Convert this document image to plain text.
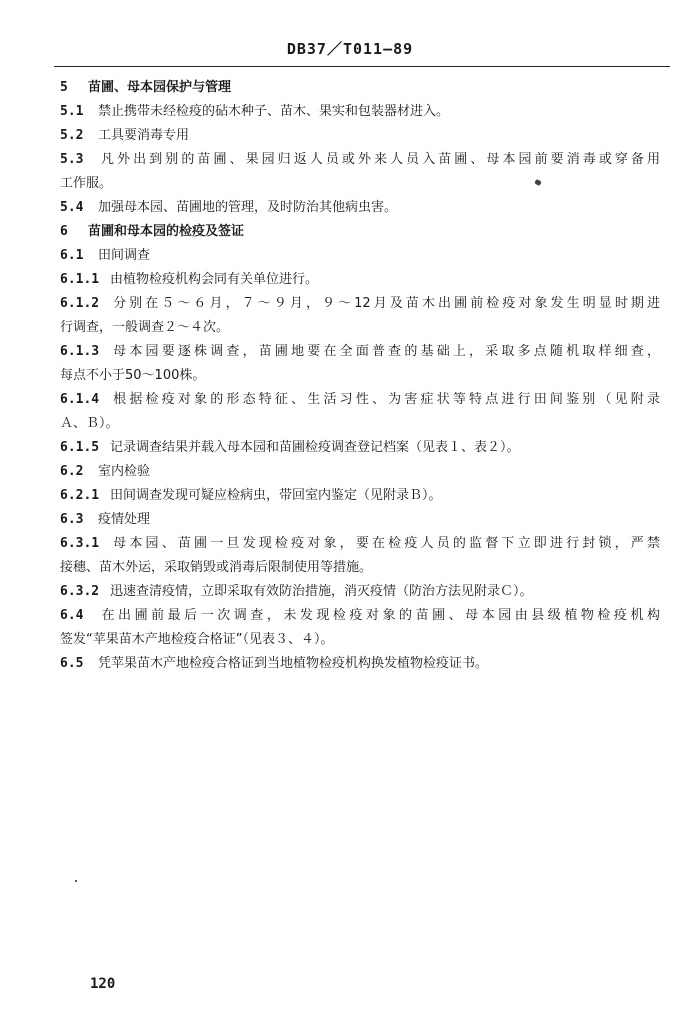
DB37／T011—89
5 苗圃、母本园保护与管理
5.1 禁止携带未经检疫的砧木种子、苗木、果实和包装器材进入。
5.2 工具要消毒专用
5.3 凡外出到别的苗圃、果园归返人员或外来人员入苗圃、母本园前要消毒或穿备用
工作服。
5.4 加强母本园、苗圃地的管理，及时防治其他病虫害。
6 苗圃和母本园的检疫及签证
6.1 田间调查
6.1.1 由植物检疫机构会同有关单位进行。
6.1.2 分别在５～６月，７～９月，９～12月及苗木出圃前检疫对象发生明显时期进
行调查，一般调查２～４次。
6.1.3 母本园要逐株调查，苗圃地要在全面普查的基础上，采取多点随机取样细查，
每点不小于50～100株。
6.1.4 根据检疫对象的形态特征、生活习性、为害症状等特点进行田间鉴别（见附录
Ａ、Ｂ）。
6.1.5 记录调查结果并载入母本园和苗圃检疫调查登记档案（见表１、表２）。
6.2 室内检验
6.2.1 田间调查发现可疑应检病虫，带回室内鉴定（见附录Ｂ）。
6.3 疫情处理
6.3.1 母本园、苗圃一旦发现检疫对象，要在检疫人员的监督下立即进行封锁，严禁
接穗、苗木外运，采取销毁或消毒后限制使用等措施。
6.3.2 迅速查清疫情，立即采取有效防治措施，消灭疫情（防治方法见附录Ｃ）。
6.4 在出圃前最后一次调查，未发现检疫对象的苗圃、母本园由县级植物检疫机构
签发“苹果苗木产地检疫合格证”（见表３、４）。
6.5 凭苹果苗木产地检疫合格证到当地植物检疫机构换发植物检疫证书。
120
